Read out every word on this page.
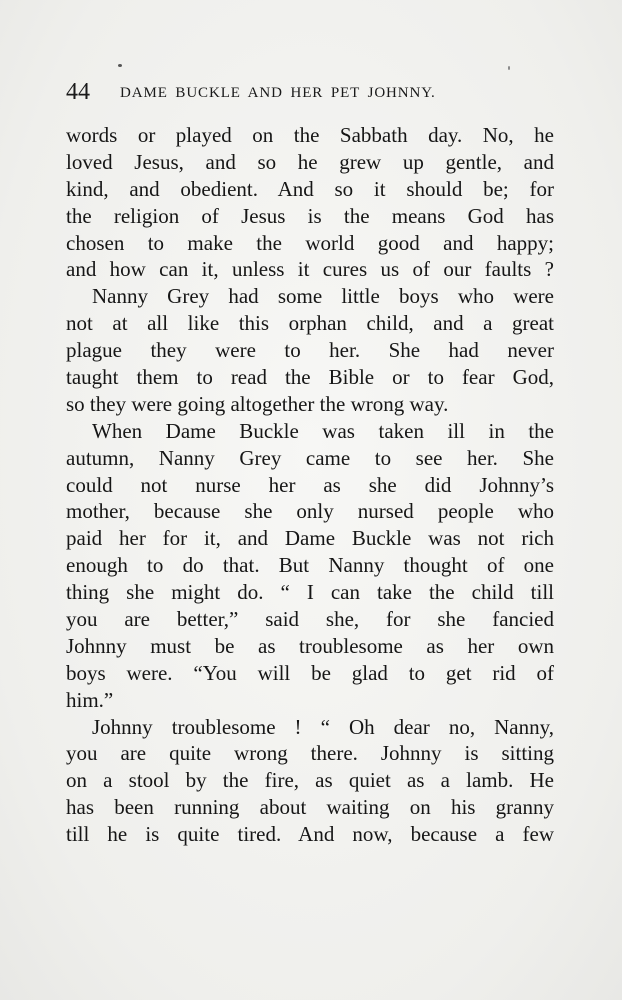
44 DAME BUCKLE AND HER PET JOHNNY.
words or played on the Sabbath day. No, he
loved Jesus, and so he grew up gentle, and
kind, and obedient. And so it should be; for
the religion of Jesus is the means God has
chosen to make the world good and happy;
and how can it, unless it cures us of our faults ?
Nanny Grey had some little boys who were
not at all like this orphan child, and a great
plague they were to her. She had never
taught them to read the Bible or to fear God,
so they were going altogether the wrong way.
When Dame Buckle was taken ill in the
autumn, Nanny Grey came to see her. She
could not nurse her as she did Johnny’s
mother, because she only nursed people who
paid her for it, and Dame Buckle was not rich
enough to do that. But Nanny thought of one
thing she might do. “ I can take the child till
you are better,” said she, for she fancied
Johnny must be as troublesome as her own
boys were. “You will be glad to get rid of
him.”
Johnny troublesome ! “ Oh dear no, Nanny,
you are quite wrong there. Johnny is sitting
on a stool by the fire, as quiet as a lamb. He
has been running about waiting on his granny
till he is quite tired. And now, because a few
